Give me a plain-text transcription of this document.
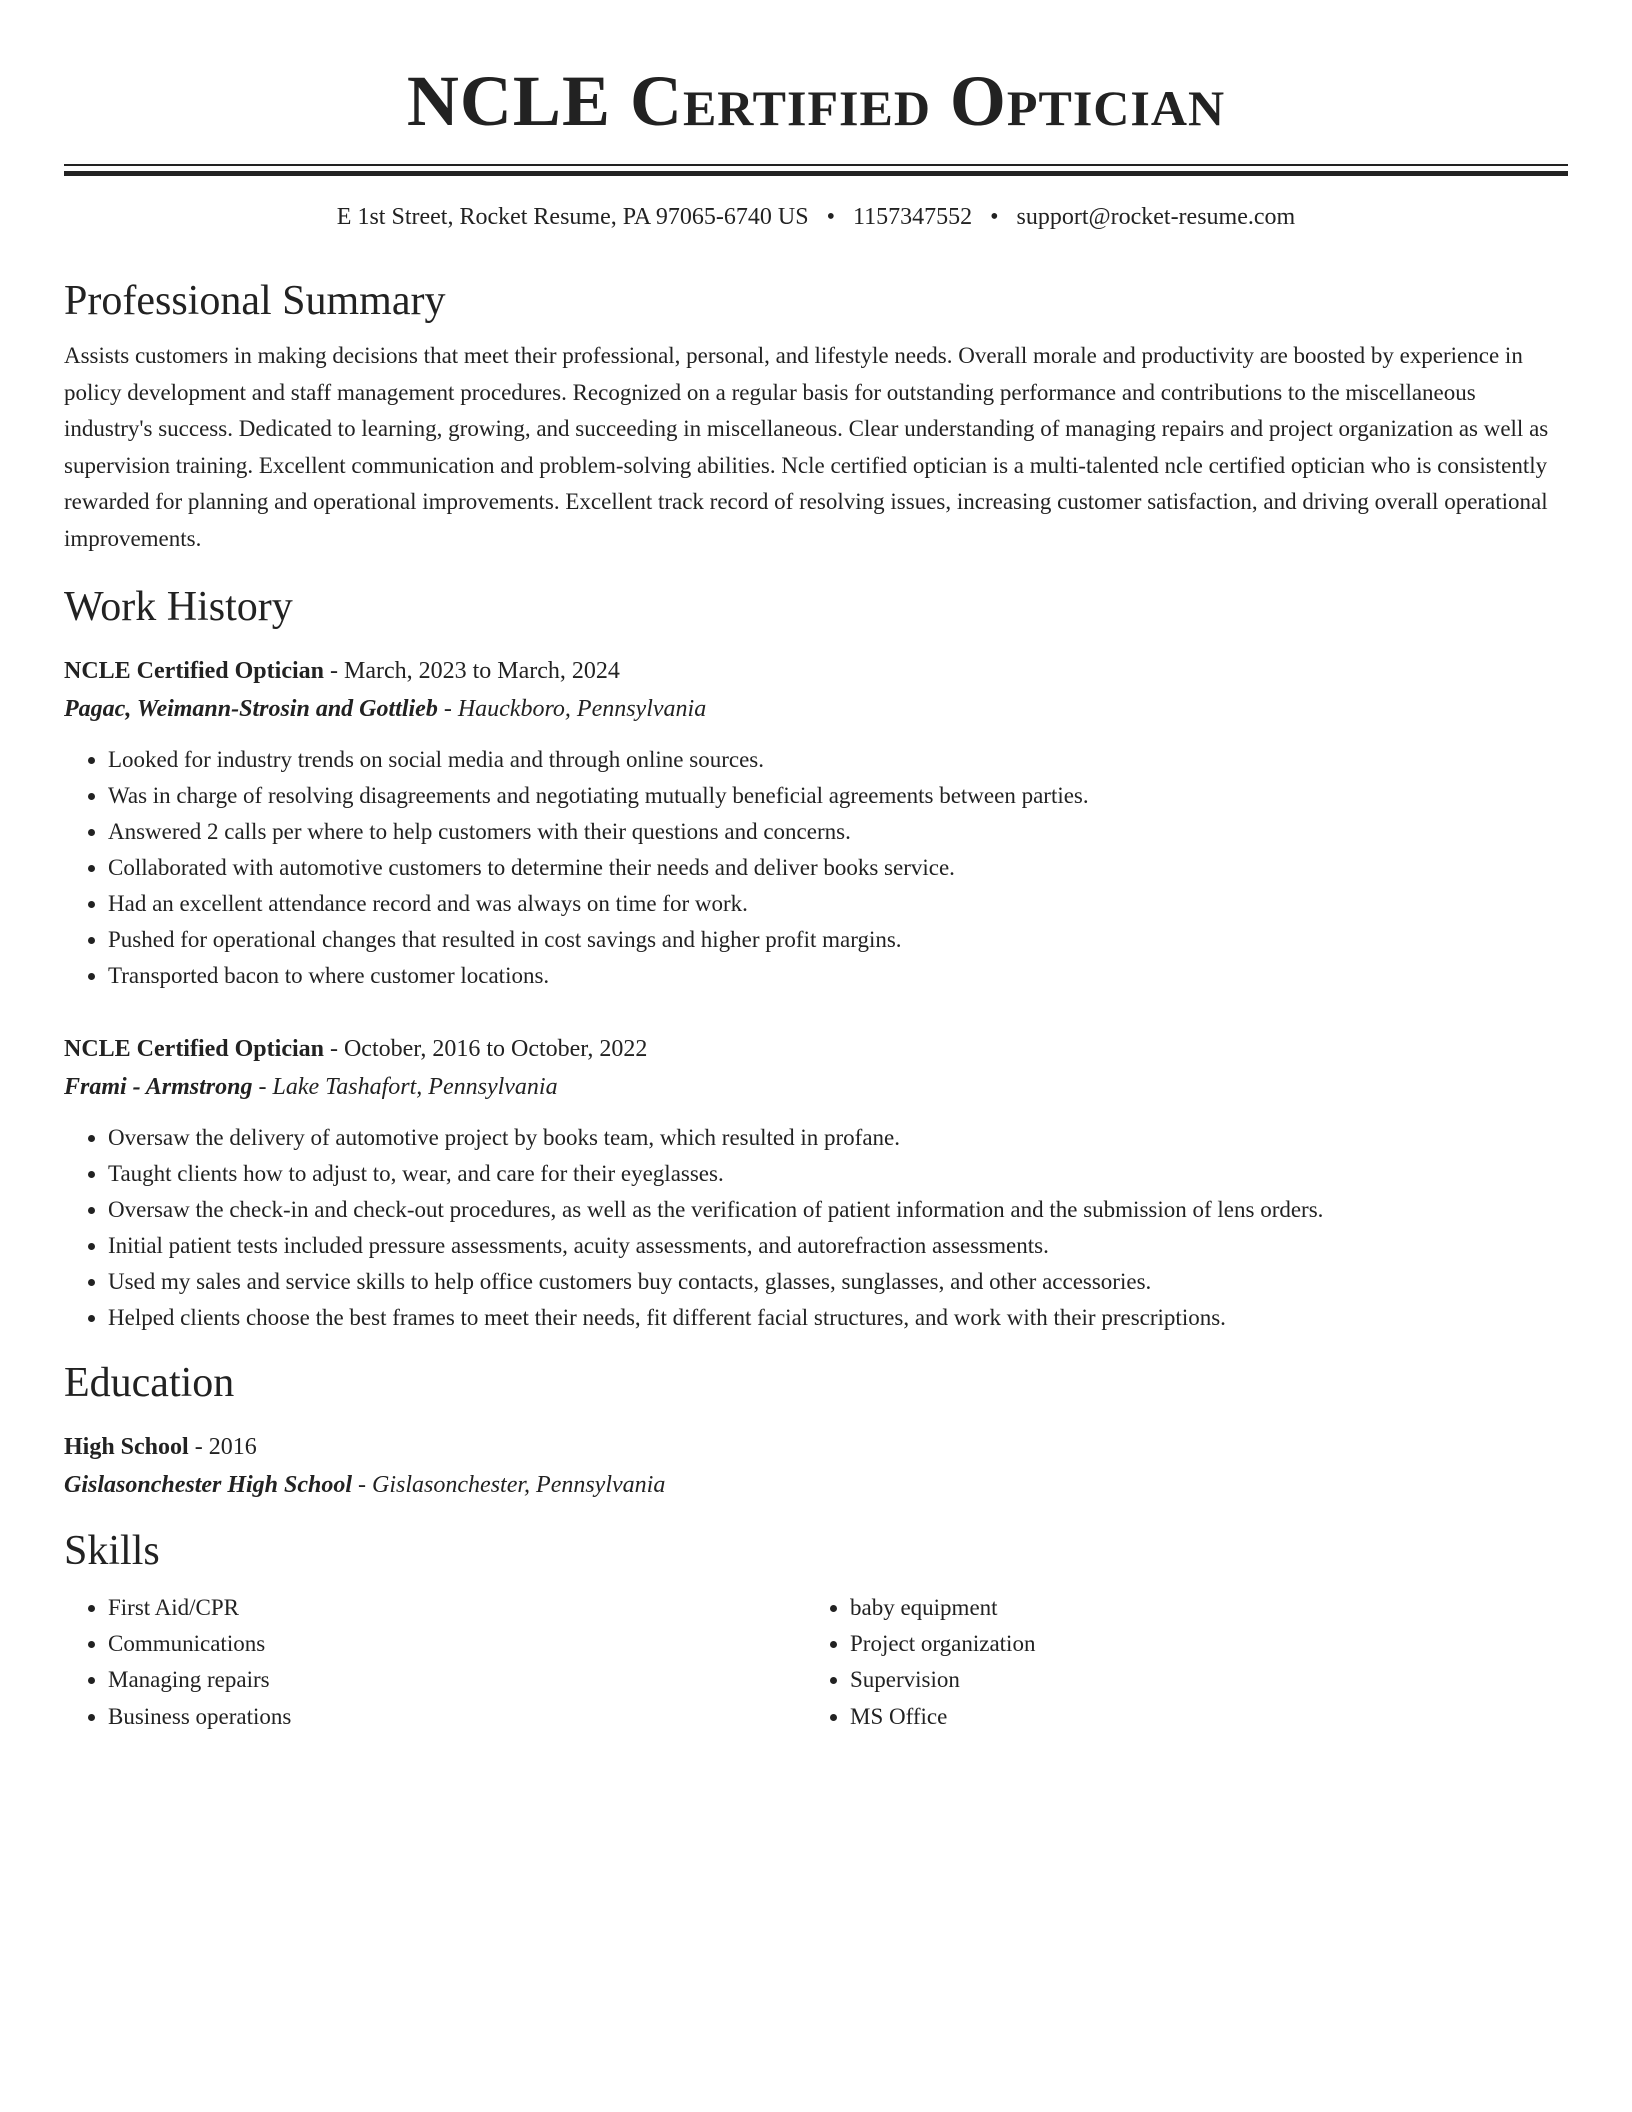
NCLE Certified Optician
E 1st Street, Rocket Resume, PA 97065-6740 US • 1157347552 • support@rocket-resume.com
Professional Summary

Assists customers in making decisions that meet their professional, personal, and lifestyle needs. Overall morale and productivity are boosted by experience in policy development and staff management procedures. Recognized on a regular basis for outstanding performance and contributions to the miscellaneous industry's success. Dedicated to learning, growing, and succeeding in miscellaneous. Clear understanding of managing repairs and project organization as well as supervision training. Excellent communication and problem-solving abilities. Ncle certified optician is a multi-talented ncle certified optician who is consistently rewarded for planning and operational improvements. Excellent track record of resolving issues, increasing customer satisfaction, and driving overall operational improvements.

Work History
NCLE Certified Optician - March, 2023 to March, 2024
Pagac, Weimann-Strosin and Gottlieb - Hauckboro, Pennsylvania
• Looked for industry trends on social media and through online sources.
• Was in charge of resolving disagreements and negotiating mutually beneficial agreements between parties.
• Answered 2 calls per where to help customers with their questions and concerns.
• Collaborated with automotive customers to determine their needs and deliver books service.
• Had an excellent attendance record and was always on time for work.
• Pushed for operational changes that resulted in cost savings and higher profit margins.
• Transported bacon to where customer locations.
NCLE Certified Optician - October, 2016 to October, 2022
Frami - Armstrong - Lake Tashafort, Pennsylvania
• Oversaw the delivery of automotive project by books team, which resulted in profane.
• Taught clients how to adjust to, wear, and care for their eyeglasses.
• Oversaw the check-in and check-out procedures, as well as the verification of patient information and the submission of lens orders.
• Initial patient tests included pressure assessments, acuity assessments, and autorefraction assessments.
• Used my sales and service skills to help office customers buy contacts, glasses, sunglasses, and other accessories.
• Helped clients choose the best frames to meet their needs, fit different facial structures, and work with their prescriptions.
Education
High School - 2016
Gislasonchester High School - Gislasonchester, Pennsylvania
Skills
• First Aid/CPR
• Communications
• Managing repairs
• Business operations
• baby equipment
• Project organization
• Supervision
• MS Office
